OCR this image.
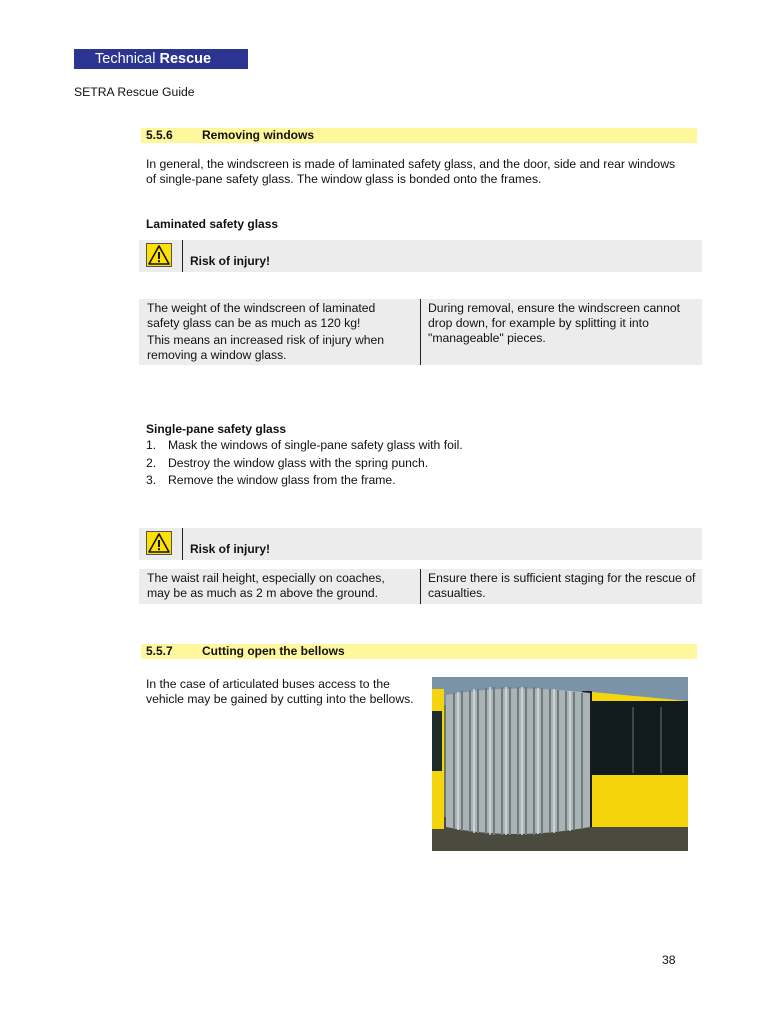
Technical Rescue
SETRA Rescue Guide
5.5.6 Removing windows
In general, the windscreen is made of laminated safety glass, and the door, side and rear windows of single-pane safety glass. The window glass is bonded onto the frames.
Laminated safety glass
Risk of injury!

The weight of the windscreen of laminated safety glass can be as much as 120 kg!

This means an increased risk of injury when removing a window glass.

During removal, ensure the windscreen cannot drop down, for example by splitting it into "manageable" pieces.
Single-pane safety glass
1. Mask the windows of single-pane safety glass with foil.
2. Destroy the window glass with the spring punch.
3. Remove the window glass from the frame.
Risk of injury!
The waist rail height, especially on coaches, may be as much as 2 m above the ground.
Ensure there is sufficient staging for the rescue of casualties.
5.5.7 Cutting open the bellows
In the case of articulated buses access to the vehicle may be gained by cutting into the bellows.
38
